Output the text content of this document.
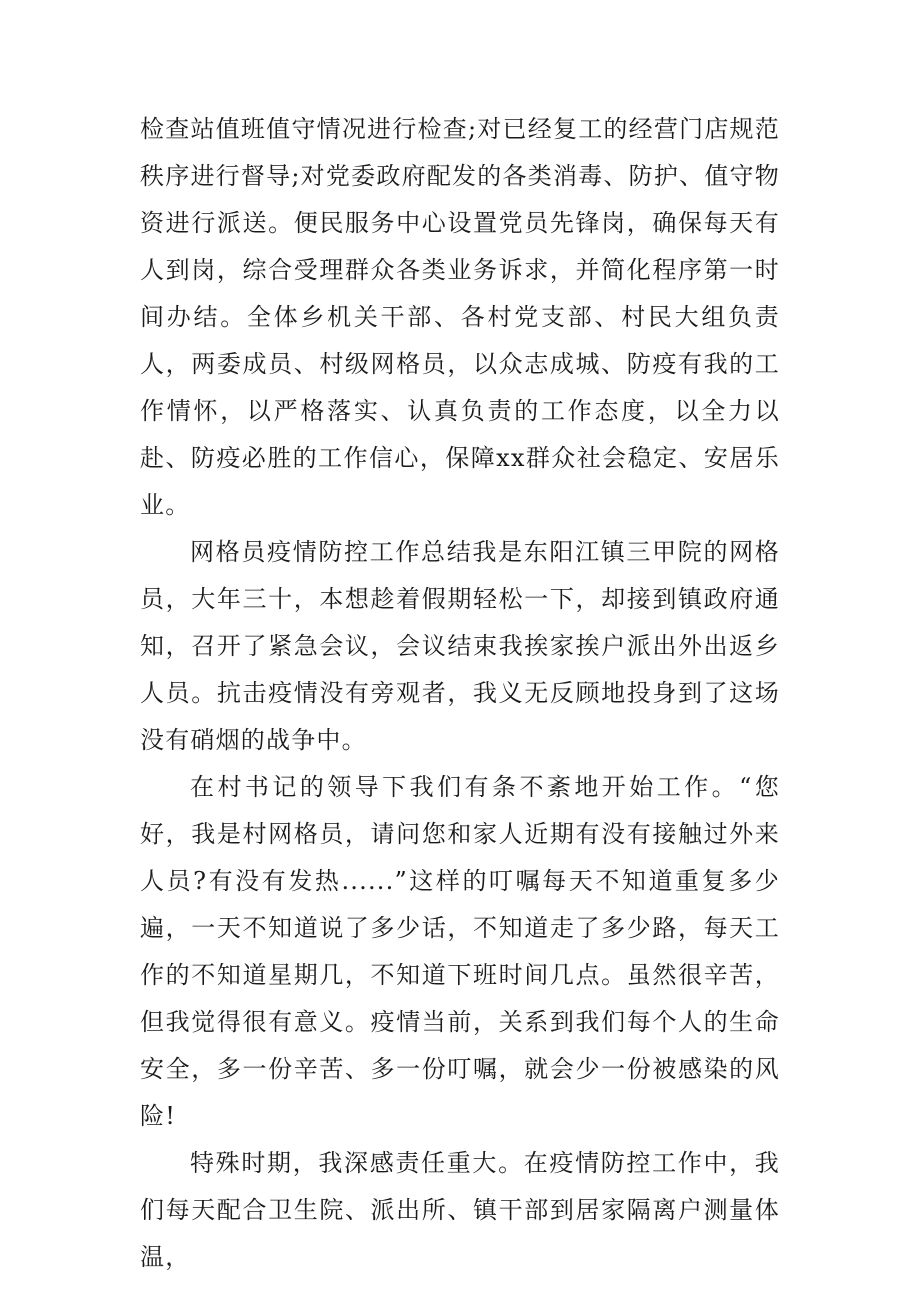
检查站值班值守情况进行检查;对已经复工的经营门店规范秩序进行督导;对党委政府配发的各类消毒、防护、值守物资进行派送。便民服务中心设置党员先锋岗，确保每天有人到岗，综合受理群众各类业务诉求，并简化程序第一时间办结。全体乡机关干部、各村党支部、村民大组负责人，两委成员、村级网格员，以众志成城、防疫有我的工作情怀，以严格落实、认真负责的工作态度，以全力以赴、防疫必胜的工作信心，保障xx群众社会稳定、安居乐业。

网格员疫情防控工作总结我是东阳江镇三甲院的网格员，大年三十，本想趁着假期轻松一下，却接到镇政府通知，召开了紧急会议，会议结束我挨家挨户派出外出返乡人员。抗击疫情没有旁观者，我义无反顾地投身到了这场没有硝烟的战争中。

在村书记的领导下我们有条不紊地开始工作。“您好，我是村网格员，请问您和家人近期有没有接触过外来人员?有没有发热......”这样的叮嘱每天不知道重复多少遍，一天不知道说了多少话，不知道走了多少路，每天工作的不知道星期几，不知道下班时间几点。虽然很辛苦，但我觉得很有意义。疫情当前，关系到我们每个人的生命安全，多一份辛苦、多一份叮嘱，就会少一份被感染的风险!

特殊时期，我深感责任重大。在疫情防控工作中，我们每天配合卫生院、派出所、镇干部到居家隔离户测量体温，
